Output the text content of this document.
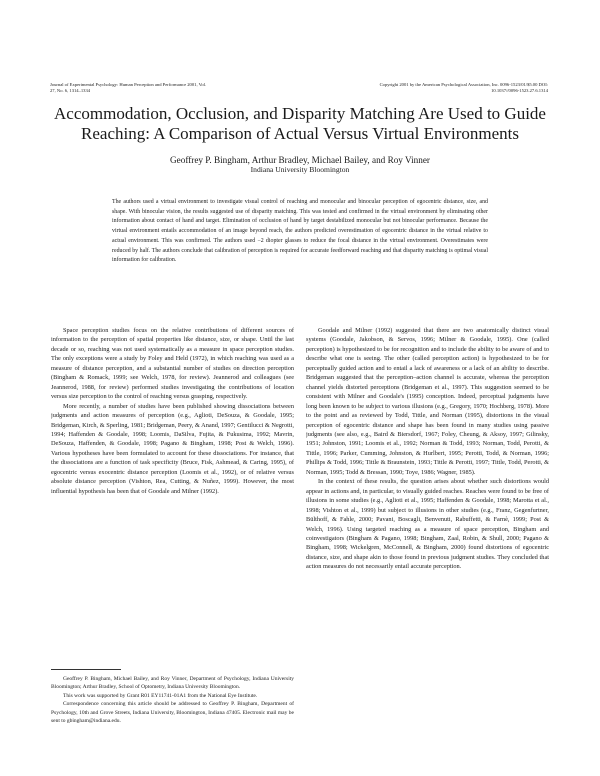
Journal of Experimental Psychology: Human Perception and Performance 2001, Vol. 27, No. 6, 1314–1334
Copyright 2001 by the American Psychological Association, Inc. 0096-1523/01/$5.00 DOI: 10.1037//0096-1523.27.6.1314
Accommodation, Occlusion, and Disparity Matching Are Used to Guide Reaching: A Comparison of Actual Versus Virtual Environments
Geoffrey P. Bingham, Arthur Bradley, Michael Bailey, and Roy Vinner
Indiana University Bloomington
The authors used a virtual environment to investigate visual control of reaching and monocular and binocular perception of egocentric distance, size, and shape. With binocular vision, the results suggested use of disparity matching. This was tested and confirmed in the virtual environment by eliminating other information about contact of hand and target. Elimination of occlusion of hand by target destabilized monocular but not binocular performance. Because the virtual environment entails accommodation of an image beyond reach, the authors predicted overestimation of egocentric distance in the virtual relative to actual environment. This was confirmed. The authors used −2 diopter glasses to reduce the focal distance in the virtual environment. Overestimates were reduced by half. The authors conclude that calibration of perception is required for accurate feedforward reaching and that disparity matching is optimal visual information for calibration.

Space perception studies focus on the relative contributions of different sources of information to the perception of spatial properties like distance, size, or shape. Until the last decade or so, reaching was not used systematically as a measure in space perception studies. The only exceptions were a study by Foley and Held (1972), in which reaching was used as a measure of distance perception, and a substantial number of studies on direction perception (Bingham & Romack, 1999; see Welch, 1978, for review). Jeannerod and colleagues (see Jeannerod, 1988, for review) performed studies investigating the contributions of location versus size perception to the control of reaching versus grasping, respectively.

More recently, a number of studies have been published showing dissociations between judgments and action measures of perception (e.g., Aglioti, DeSouza, & Goodale, 1995; Bridgeman, Kirch, & Sperling, 1981; Bridgeman, Peery, & Anand, 1997; Gentilucci & Negrotti, 1994; Haffenden & Goodale, 1998; Loomis, DaSilva, Fujita, & Fukusima, 1992; Mavrin, DeSouza, Haffenden, & Goodale, 1998; Pagano & Bingham, 1998; Post & Welch, 1996). Various hypotheses have been formulated to account for these dissociations. For instance, that the dissociations are a function of task specificity (Bruce, Fisk, Ashmead, & Caring, 1995), of egocentric versus exocentric distance perception (Loomis et al., 1992), or of relative versus absolute distance perception (Vishton, Rea, Cutting, & Nuñez, 1999). However, the most influential hypothesis has been that of Goodale and Milner (1992).

Goodale and Milner (1992) suggested that there are two anatomically distinct visual systems (Goodale, Jakobson, & Servos, 1996; Milner & Goodale, 1995). One (called perception) is hypothesized to be for recognition and to include the ability to be aware of and to describe what one is seeing. The other (called perception action) is hypothesized to be for perceptually guided action and to entail a lack of awareness or a lack of an ability to describe. Bridgeman suggested that the perception–action channel is accurate, whereas the perception channel yields distorted perceptions (Bridgeman et al., 1997). This suggestion seemed to be consistent with Milner and Goodale's (1995) conception. Indeed, perceptual judgments have long been known to be subject to various illusions (e.g., Gregory, 1970; Hochberg, 1978). More to the point and as reviewed by Todd, Tittle, and Norman (1995), distortions in the visual perception of egocentric distance and shape has been found in many studies using passive judgments (see also, e.g., Baird & Biersdorf, 1967; Foley, Cheung, & Aksoy, 1997; Gilinsky, 1951; Johnston, 1991; Loomis et al., 1992; Norman & Todd, 1993; Norman, Todd, Perotti, & Tittle, 1996; Parker, Cumming, Johnston, & Hurlbert, 1995; Perotti, Todd, & Norman, 1996; Phillips & Todd, 1996; Tittle & Braunstein, 1993; Tittle & Perotti, 1997; Tittle, Todd, Perotti, & Norman, 1995; Todd & Bressan, 1990; Toye, 1986; Wagner, 1985).

In the context of these results, the question arises about whether such distortions would appear in actions and, in particular, to visually guided reaches. Reaches were found to be free of illusions in some studies (e.g., Aglioti et al., 1995; Haffenden & Goodale, 1998; Marotta et al., 1998; Vishton et al., 1999) but subject to illusions in other studies (e.g., Franz, Gegenfurtner, Bülthoff, & Fahle, 2000; Pavani, Boscagli, Benvenuti, Rabuffetti, & Farnè, 1999; Post & Welch, 1996). Using targeted reaching as a measure of space perception, Bingham and coinvestigators (Bingham & Pagano, 1998; Bingham, Zaal, Robin, & Shull, 2000; Pagano & Bingham, 1998; Wickelgren, McConnell, & Bingham, 2000) found distortions of egocentric distance, size, and shape akin to those found in previous judgment studies. They concluded that action measures do not necessarily entail accurate perception.

Geoffrey P. Bingham, Michael Bailey, and Roy Vinner, Department of Psychology, Indiana University Bloomington; Arthur Bradley, School of Optometry, Indiana University Bloomington.

This work was supported by Grant R01 EY11741-01A1 from the National Eye Institute.

Correspondence concerning this article should be addressed to Geoffrey P. Bingham, Department of Psychology, 10th and Grove Streets, Indiana University, Bloomington, Indiana 47405. Electronic mail may be sent to gbingham@indiana.edu.
